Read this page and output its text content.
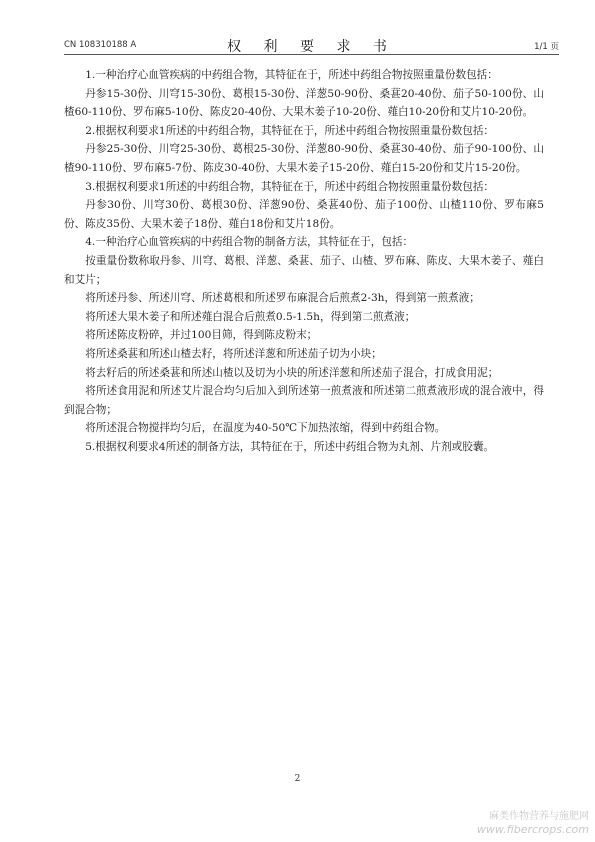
CN 108310188 A	权 利 要 求 书	1/1 页

1.一种治疗心血管疾病的中药组合物，其特征在于，所述中药组合物按照重量份数包括：

丹参15-30份、川穹15-30份、葛根15-30份、洋葱50-90份、桑葚20-40份、茄子50-100份、山楂60-110份、罗布麻5-10份、陈皮20-40份、大果木姜子10-20份、薤白10-20份和艾片10-20份。

2.根据权利要求1所述的中药组合物，其特征在于，所述中药组合物按照重量份数包括：

丹参25-30份、川穹25-30份、葛根25-30份、洋葱80-90份、桑葚30-40份、茄子90-100份、山楂90-110份、罗布麻5-7份、陈皮30-40份、大果木姜子15-20份、薤白15-20份和艾片15-20份。

3.根据权利要求1所述的中药组合物，其特征在于，所述中药组合物按照重量份数包括：

丹参30份、川穹30份、葛根30份、洋葱90份、桑葚40份、茄子100份、山楂110份、罗布麻5份、陈皮35份、大果木姜子18份、薤白18份和艾片18份。

4.一种治疗心血管疾病的中药组合物的制备方法，其特征在于，包括：

按重量份数称取丹参、川穹、葛根、洋葱、桑葚、茄子、山楂、罗布麻、陈皮、大果木姜子、薤白和艾片；

将所述丹参、所述川穹、所述葛根和所述罗布麻混合后煎煮2-3h，得到第一煎煮液；

将所述大果木姜子和所述薤白混合后煎煮0.5-1.5h，得到第二煎煮液；

将所述陈皮粉碎，并过100目筛，得到陈皮粉末；

将所述桑葚和所述山楂去籽，将所述洋葱和所述茄子切为小块；

将去籽后的所述桑葚和所述山楂以及切为小块的所述洋葱和所述茄子混合，打成食用泥；

将所述食用泥和所述艾片混合均匀后加入到所述第一煎煮液和所述第二煎煮液形成的混合液中，得到混合物；

将所述混合物搅拌均匀后，在温度为40-50℃下加热浓缩，得到中药组合物。

5.根据权利要求4所述的制备方法，其特征在于，所述中药组合物为丸剂、片剂或胶囊。

2
麻类作物营养与施肥网
www.fibercrops.com
